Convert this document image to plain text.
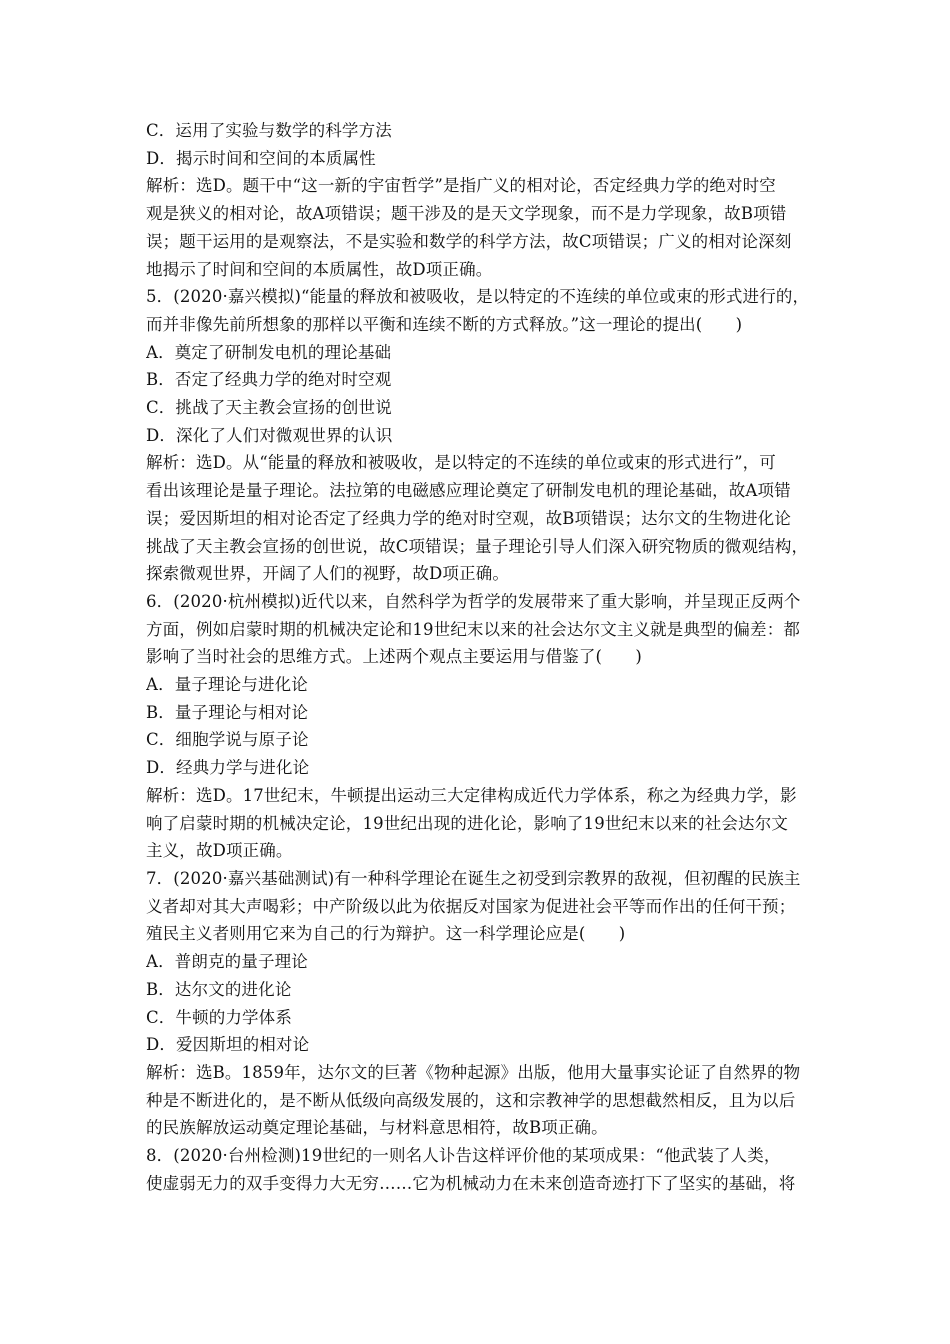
C．运用了实验与数学的科学方法
D．揭示时间和空间的本质属性
解析：选D。题干中“这一新的宇宙哲学”是指广义的相对论，否定经典力学的绝对时空
观是狭义的相对论，故A项错误；题干涉及的是天文学现象，而不是力学现象，故B项错
误；题干运用的是观察法，不是实验和数学的科学方法，故C项错误；广义的相对论深刻
地揭示了时间和空间的本质属性，故D项正确。
5．(2020·嘉兴模拟)“能量的释放和被吸收，是以特定的不连续的单位或束的形式进行的，
而并非像先前所想象的那样以平衡和连续不断的方式释放。”这一理论的提出(　　)
A．奠定了研制发电机的理论基础
B．否定了经典力学的绝对时空观
C．挑战了天主教会宣扬的创世说
D．深化了人们对微观世界的认识
解析：选D。从“能量的释放和被吸收，是以特定的不连续的单位或束的形式进行”，可
看出该理论是量子理论。法拉第的电磁感应理论奠定了研制发电机的理论基础，故A项错
误；爱因斯坦的相对论否定了经典力学的绝对时空观，故B项错误；达尔文的生物进化论
挑战了天主教会宣扬的创世说，故C项错误；量子理论引导人们深入研究物质的微观结构，
探索微观世界，开阔了人们的视野，故D项正确。
6．(2020·杭州模拟)近代以来，自然科学为哲学的发展带来了重大影响，并呈现正反两个
方面，例如启蒙时期的机械决定论和19世纪末以来的社会达尔文主义就是典型的偏差：都
影响了当时社会的思维方式。上述两个观点主要运用与借鉴了(　　)
A．量子理论与进化论
B．量子理论与相对论
C．细胞学说与原子论
D．经典力学与进化论
解析：选D。17世纪末，牛顿提出运动三大定律构成近代力学体系，称之为经典力学，影
响了启蒙时期的机械决定论，19世纪出现的进化论，影响了19世纪末以来的社会达尔文
主义，故D项正确。
7．(2020·嘉兴基础测试)有一种科学理论在诞生之初受到宗教界的敌视，但初醒的民族主
义者却对其大声喝彩；中产阶级以此为依据反对国家为促进社会平等而作出的任何干预；
殖民主义者则用它来为自己的行为辩护。这一科学理论应是(　　)
A．普朗克的量子理论
B．达尔文的进化论
C．牛顿的力学体系
D．爱因斯坦的相对论
解析：选B。1859年，达尔文的巨著《物种起源》出版，他用大量事实论证了自然界的物
种是不断进化的，是不断从低级向高级发展的，这和宗教神学的思想截然相反，且为以后
的民族解放运动奠定理论基础，与材料意思相符，故B项正确。
8．(2020·台州检测)19世纪的一则名人讣告这样评价他的某项成果：“他武装了人类，
使虚弱无力的双手变得力大无穷……它为机械动力在未来创造奇迹打下了坚实的基础，将
